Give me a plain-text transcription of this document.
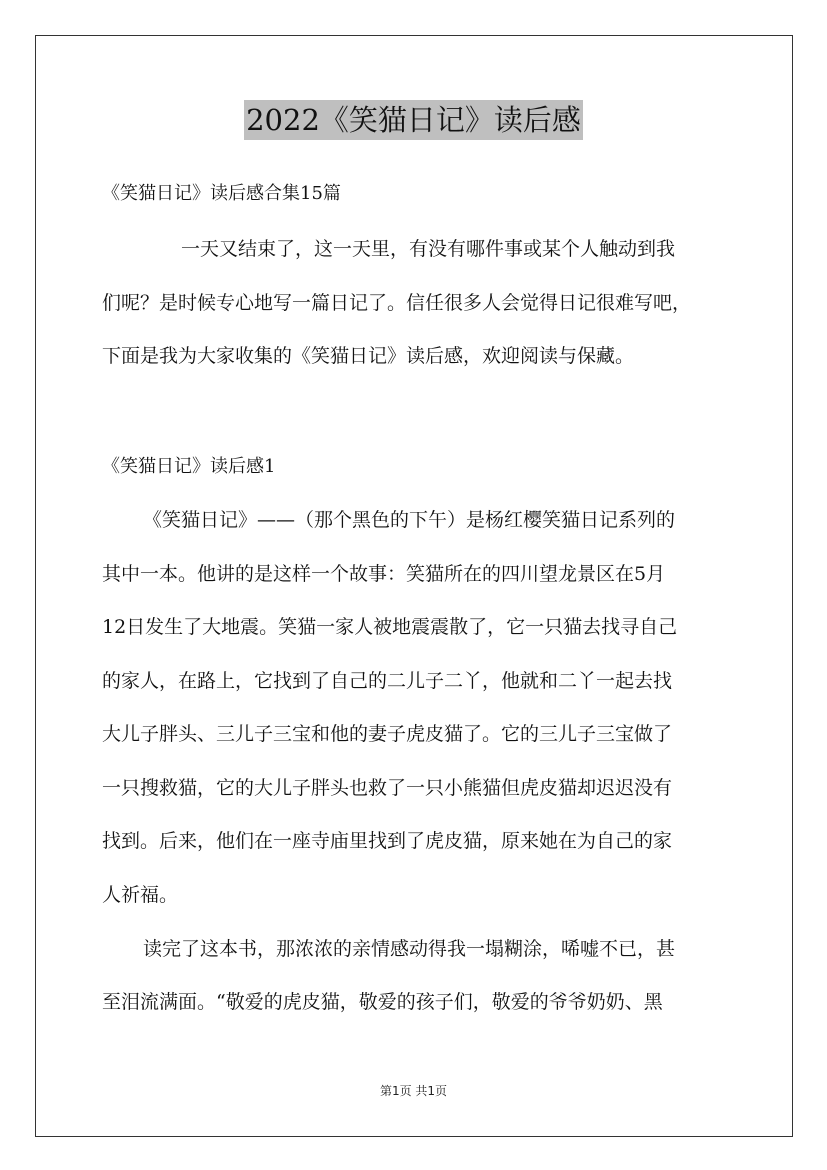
2022《笑猫日记》读后感
《笑猫日记》读后感合集15篇
一天又结束了，这一天里，有没有哪件事或某个人触动到我
们呢？是时候专心地写一篇日记了。信任很多人会觉得日记很难写吧，
下面是我为大家收集的《笑猫日记》读后感，欢迎阅读与保藏。
《笑猫日记》读后感1
《笑猫日记》——（那个黑色的下午）是杨红樱笑猫日记系列的
其中一本。他讲的是这样一个故事：笑猫所在的四川望龙景区在5月
12日发生了大地震。笑猫一家人被地震震散了，它一只猫去找寻自己
的家人，在路上，它找到了自己的二儿子二丫，他就和二丫一起去找
大儿子胖头、三儿子三宝和他的妻子虎皮猫了。它的三儿子三宝做了
一只搜救猫，它的大儿子胖头也救了一只小熊猫但虎皮猫却迟迟没有
找到。后来，他们在一座寺庙里找到了虎皮猫，原来她在为自己的家
人祈福。
读完了这本书，那浓浓的亲情感动得我一塌糊涂，唏嘘不已，甚
至泪流满面。“敬爱的虎皮猫，敬爱的孩子们，敬爱的爷爷奶奶、黑
第1页 共1页
